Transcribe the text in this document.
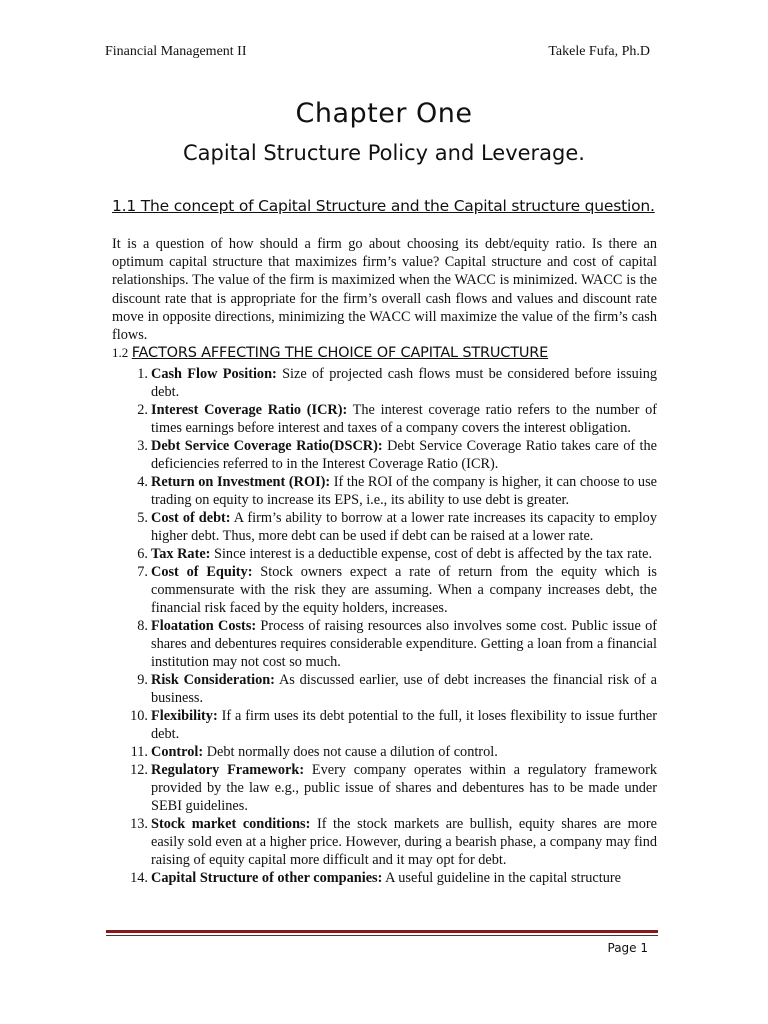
Financial Management II	Takele Fufa, Ph.D
Chapter One
Capital Structure Policy and Leverage.
1.1 The concept of Capital Structure and the Capital structure question.
It is a question of how should a firm go about choosing its debt/equity ratio. Is there an optimum capital structure that maximizes firm’s value? Capital structure and cost of capital relationships. The value of the firm is maximized when the WACC is minimized. WACC is the discount rate that is appropriate for the firm’s overall cash flows and values and discount rate move in opposite directions, minimizing the WACC will maximize the value of the firm’s cash flows.
1.2 FACTORS AFFECTING THE CHOICE OF CAPITAL STRUCTURE
1. Cash Flow Position: Size of projected cash flows must be considered before issuing debt.
2. Interest Coverage Ratio (ICR): The interest coverage ratio refers to the number of times earnings before interest and taxes of a company covers the interest obligation.
3. Debt Service Coverage Ratio(DSCR): Debt Service Coverage Ratio takes care of the deficiencies referred to in the Interest Coverage Ratio (ICR).
4. Return on Investment (ROI): If the ROI of the company is higher, it can choose to use trading on equity to increase its EPS, i.e., its ability to use debt is greater.
5. Cost of debt: A firm’s ability to borrow at a lower rate increases its capacity to employ higher debt. Thus, more debt can be used if debt can be raised at a lower rate.
6. Tax Rate: Since interest is a deductible expense, cost of debt is affected by the tax rate.
7. Cost of Equity: Stock owners expect a rate of return from the equity which is commensurate with the risk they are assuming. When a company increases debt, the financial risk faced by the equity holders, increases.
8. Floatation Costs: Process of raising resources also involves some cost. Public issue of shares and debentures requires considerable expenditure. Getting a loan from a financial institution may not cost so much.
9. Risk Consideration: As discussed earlier, use of debt increases the financial risk of a business.
10. Flexibility: If a firm uses its debt potential to the full, it loses flexibility to issue further debt.
11. Control: Debt normally does not cause a dilution of control.
12. Regulatory Framework: Every company operates within a regulatory framework provided by the law e.g., public issue of shares and debentures has to be made under SEBI guidelines.
13. Stock market conditions: If the stock markets are bullish, equity shares are more easily sold even at a higher price. However, during a bearish phase, a company may find raising of equity capital more difficult and it may opt for debt.
14. Capital Structure of other companies: A useful guideline in the capital structure
Page 1
